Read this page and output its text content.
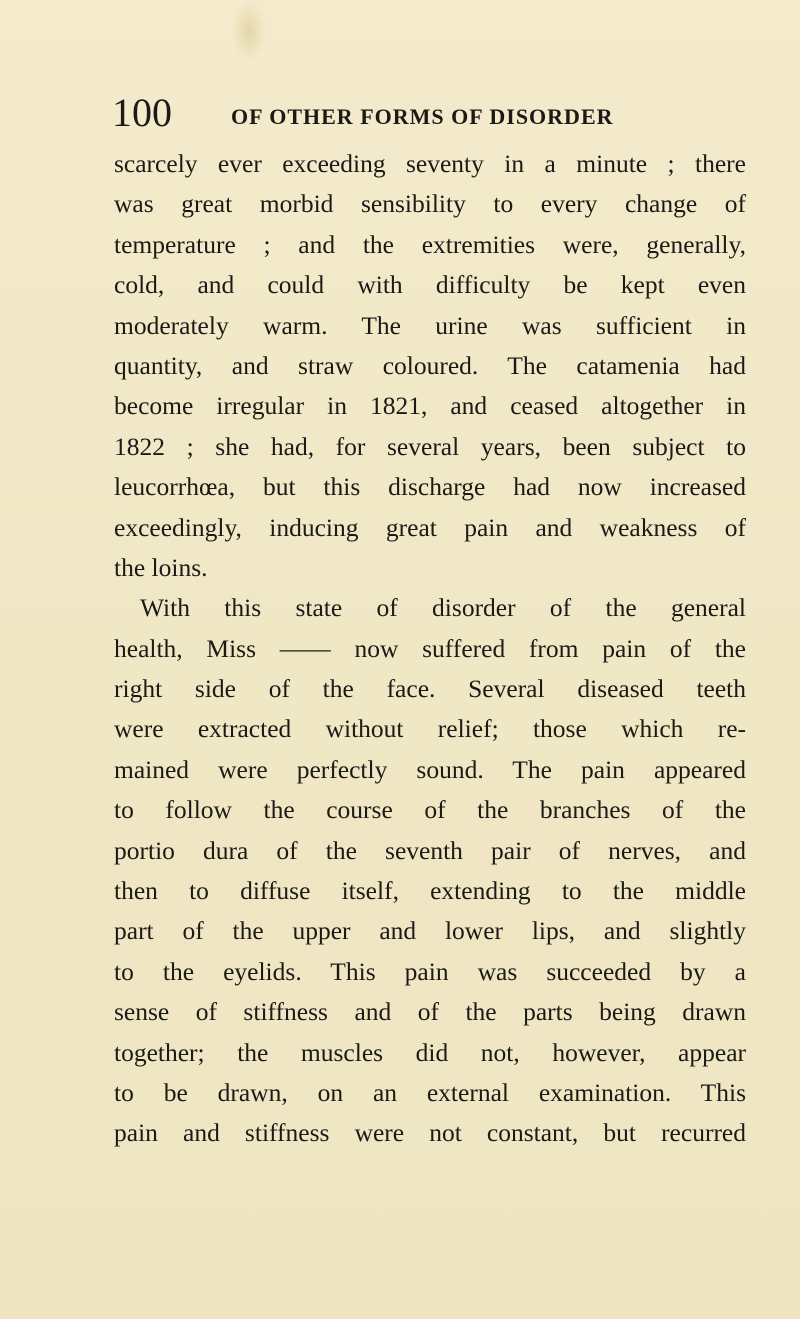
100	OF OTHER FORMS OF DISORDER
scarcely ever exceeding seventy in a minute ; there
was great morbid sensibility to every change of
temperature ; and the extremities were, generally,
cold, and could with difficulty be kept even
moderately warm. The urine was sufficient in
quantity, and straw coloured. The catamenia had
become irregular in 1821, and ceased altogether in
1822 ; she had, for several years, been subject to
leucorrhœa, but this discharge had now increased
exceedingly, inducing great pain and weakness of
the loins.
With this state of disorder of the general
health, Miss —— now suffered from pain of the
right side of the face. Several diseased teeth
were extracted without relief; those which re-
mained were perfectly sound. The pain appeared
to follow the course of the branches of the
portio dura of the seventh pair of nerves, and
then to diffuse itself, extending to the middle
part of the upper and lower lips, and slightly
to the eyelids. This pain was succeeded by a
sense of stiffness and of the parts being drawn
together; the muscles did not, however, appear
to be drawn, on an external examination. This
pain and stiffness were not constant, but recurred
